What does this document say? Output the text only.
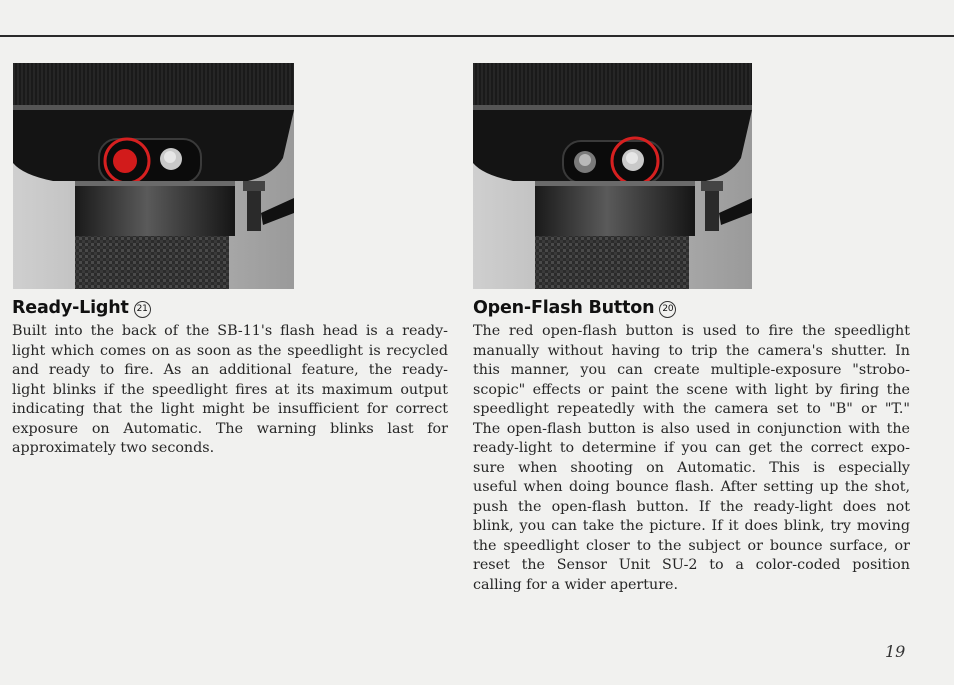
Ready-Light 21
Built into the back of the SB-11's flash head is a ready-
light which comes on as soon as the speedlight is recycled
and ready to fire. As an additional feature, the ready-
light blinks if the speedlight fires at its maximum output
indicating that the light might be insufficient for correct
exposure on Automatic. The warning blinks last for
approximately two seconds.
Open-Flash Button 20
The red open-flash button is used to fire the speedlight
manually without having to trip the camera's shutter. In
this manner, you can create multiple-exposure "strobo-
scopic" effects or paint the scene with light by firing the
speedlight repeatedly with the camera set to "B" or "T."
The open-flash button is also used in conjunction with the
ready-light to determine if you can get the correct expo-
sure when shooting on Automatic. This is especially
useful when doing bounce flash. After setting up the shot,
push the open-flash button. If the ready-light does not
blink, you can take the picture. If it does blink, try moving
the speedlight closer to the subject or bounce surface, or
reset the Sensor Unit SU-2 to a color-coded position
calling for a wider aperture.
19
